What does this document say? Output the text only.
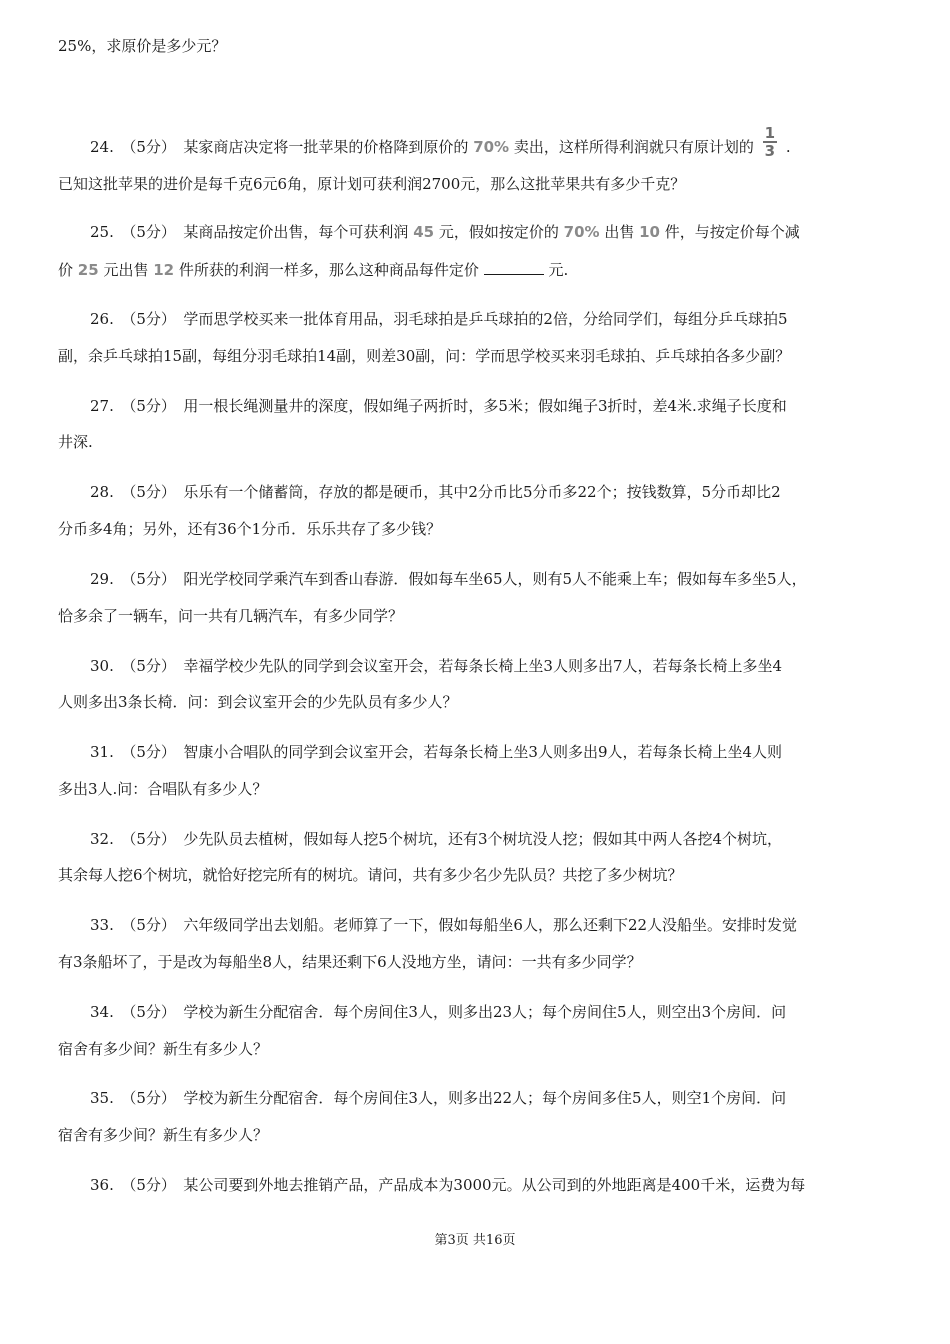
25%，求原价是多少元？
24.　（5分）　某家商店决定将一批苹果的价格降到原价的 70% 卖出，这样所得利润就只有原计划的 $\frac{1}{3}$ .
已知这批苹果的进价是每千克6元6角，原计划可获利润2700元，那么这批苹果共有多少千克？
25.　（5分）　某商品按定价出售，每个可获利润 45 元，假如按定价的 70% 出售 10 件，与按定价每个减
价 25 元出售 12 件所获的利润一样多，那么这种商品每件定价	元.
26.　（5分）　学而思学校买来一批体育用品，羽毛球拍是乒乓球拍的2倍，分给同学们，每组分乒乓球拍5
副，余乒乓球拍15副，每组分羽毛球拍14副，则差30副，问：学而思学校买来羽毛球拍、乒乓球拍各多少副？
27.　（5分）　用一根长绳测量井的深度，假如绳子两折时，多5米；假如绳子3折时，差4米.求绳子长度和
井深.
28.　（5分）　乐乐有一个储蓄筒，存放的都是硬币，其中2分币比5分币多22个；按钱数算，5分币却比2
分币多4角；另外，还有36个1分币．乐乐共存了多少钱？
29.　（5分）　阳光学校同学乘汽车到香山春游．假如每车坐65人，则有5人不能乘上车；假如每车多坐5人，
恰多余了一辆车，问一共有几辆汽车，有多少同学？
30.　（5分）　幸福学校少先队的同学到会议室开会，若每条长椅上坐3人则多出7人，若每条长椅上多坐4
人则多出3条长椅．问：到会议室开会的少先队员有多少人？
31.　（5分）　智康小合唱队的同学到会议室开会，若每条长椅上坐3人则多出9人，若每条长椅上坐4人则
多出3人.问：合唱队有多少人？
32.　（5分）　少先队员去植树，假如每人挖5个树坑，还有3个树坑没人挖；假如其中两人各挖4个树坑，
其余每人挖6个树坑，就恰好挖完所有的树坑。请问，共有多少名少先队员？共挖了多少树坑？
33.　（5分）　六年级同学出去划船。老师算了一下，假如每船坐6人，那么还剩下22人没船坐。安排时发觉
有3条船坏了，于是改为每船坐8人，结果还剩下6人没地方坐，请问：一共有多少同学？
34.　（5分）　学校为新生分配宿舍．每个房间住3人，则多出23人；每个房间住5人，则空出3个房间．问
宿舍有多少间？新生有多少人？
35.　（5分）　学校为新生分配宿舍．每个房间住3人，则多出22人；每个房间多住5人，则空1个房间．问
宿舍有多少间？新生有多少人？
36.　（5分）　某公司要到外地去推销产品，产品成本为3000元。从公司到的外地距离是400千米，运费为每
第3页 共16页
